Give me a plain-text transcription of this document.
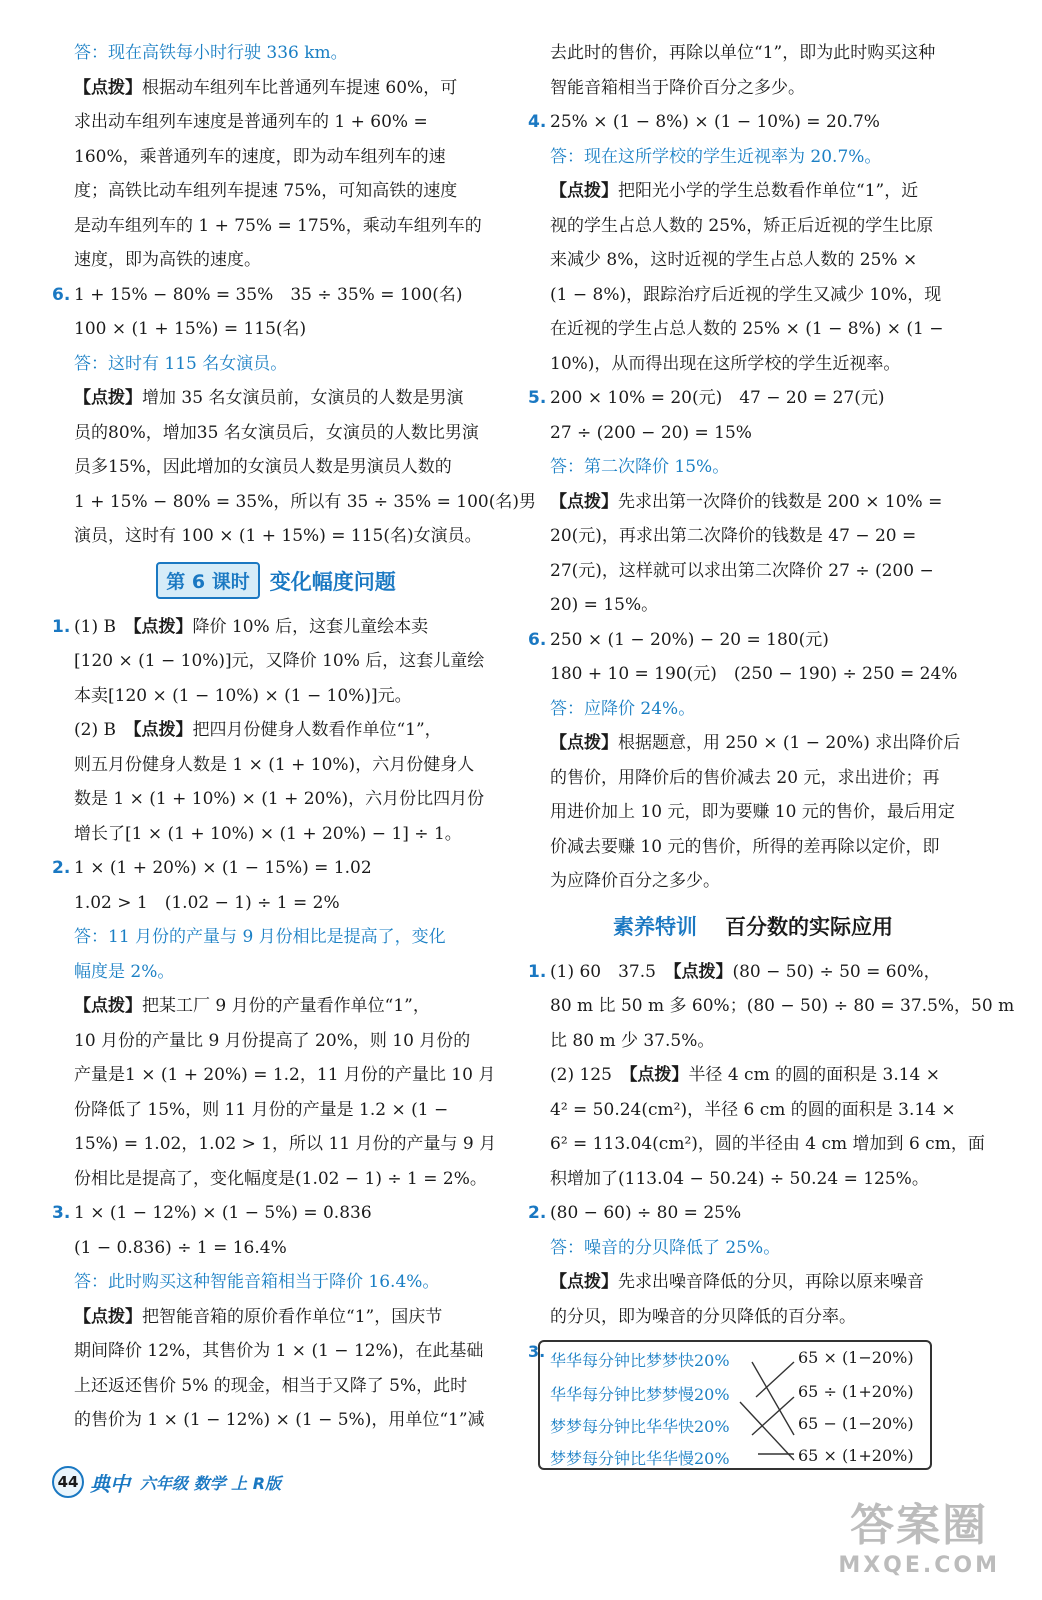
答：现在高铁每小时行驶 336 km。

【点拨】根据动车组列车比普通列车提速 60%，可

求出动车组列车速度是普通列车的 1 + 60% =

160%，乘普通列车的速度，即为动车组列车的速

度；高铁比动车组列车提速 75%，可知高铁的速度

是动车组列车的 1 + 75% = 175%，乘动车组列车的

速度，即为高铁的速度。

6. 1 + 15% − 80% = 35%　35 ÷ 35% = 100(名)

100 × (1 + 15%) = 115(名)

答：这时有 115 名女演员。

【点拨】增加 35 名女演员前，女演员的人数是男演

员的80%，增加35 名女演员后，女演员的人数比男演

员多15%，因此增加的女演员人数是男演员人数的

1 + 15% − 80% = 35%，所以有 35 ÷ 35% = 100(名)男

演员，这时有 100 × (1 + 15%) = 115(名)女演员。

第 6 课时 变化幅度问题

1. (1) B　【点拨】降价 10% 后，这套儿童绘本卖

[120 × (1 − 10%)]元，又降价 10% 后，这套儿童绘

本卖[120 × (1 − 10%) × (1 − 10%)]元。

(2) B　【点拨】把四月份健身人数看作单位“1”，

则五月份健身人数是 1 × (1 + 10%)，六月份健身人

数是 1 × (1 + 10%) × (1 + 20%)，六月份比四月份

增长了[1 × (1 + 10%) × (1 + 20%) − 1] ÷ 1。

2. 1 × (1 + 20%) × (1 − 15%) = 1.02

1.02 > 1　(1.02 − 1) ÷ 1 = 2%

答：11 月份的产量与 9 月份相比是提高了，变化

幅度是 2%。

【点拨】把某工厂 9 月份的产量看作单位“1”，

10 月份的产量比 9 月份提高了 20%，则 10 月份的

产量是1 × (1 + 20%) = 1.2，11 月份的产量比 10 月

份降低了 15%，则 11 月份的产量是 1.2 × (1 −

15%) = 1.02，1.02 > 1，所以 11 月份的产量与 9 月

份相比是提高了，变化幅度是(1.02 − 1) ÷ 1 = 2%。

3. 1 × (1 − 12%) × (1 − 5%) = 0.836

(1 − 0.836) ÷ 1 = 16.4%

答：此时购买这种智能音箱相当于降价 16.4%。

【点拨】把智能音箱的原价看作单位“1”，国庆节

期间降价 12%，其售价为 1 × (1 − 12%)，在此基础

上还返还售价 5% 的现金，相当于又降了 5%，此时

的售价为 1 × (1 − 12%) × (1 − 5%)，用单位“1”减

去此时的售价，再除以单位“1”，即为此时购买这种

智能音箱相当于降价百分之多少。

4. 25% × (1 − 8%) × (1 − 10%) = 20.7%

答：现在这所学校的学生近视率为 20.7%。

【点拨】把阳光小学的学生总数看作单位“1”，近

视的学生占总人数的 25%，矫正后近视的学生比原

来减少 8%，这时近视的学生占总人数的 25% ×

(1 − 8%)，跟踪治疗后近视的学生又减少 10%，现

在近视的学生占总人数的 25% × (1 − 8%) × (1 −

10%)，从而得出现在这所学校的学生近视率。

5. 200 × 10% = 20(元)　47 − 20 = 27(元)

27 ÷ (200 − 20) = 15%

答：第二次降价 15%。

【点拨】先求出第一次降价的钱数是 200 × 10% =

20(元)，再求出第二次降价的钱数是 47 − 20 =

27(元)，这样就可以求出第二次降价 27 ÷ (200 −

20) = 15%。

6. 250 × (1 − 20%) − 20 = 180(元)

180 + 10 = 190(元)　(250 − 190) ÷ 250 = 24%

答：应降价 24%。

【点拨】根据题意，用 250 × (1 − 20%) 求出降价后

的售价，用降价后的售价减去 20 元，求出进价；再

用进价加上 10 元，即为要赚 10 元的售价，最后用定

价减去要赚 10 元的售价，所得的差再除以定价，即

为应降价百分之多少。

素养特训 百分数的实际应用

1. (1) 60　37.5　【点拨】(80 − 50) ÷ 50 = 60%，

80 m 比 50 m 多 60%；(80 − 50) ÷ 80 = 37.5%，50 m

比 80 m 少 37.5%。

(2) 125　【点拨】半径 4 cm 的圆的面积是 3.14 ×

4² = 50.24(cm²)，半径 6 cm 的圆的面积是 3.14 ×

6² = 113.04(cm²)，圆的半径由 4 cm 增加到 6 cm，面

积增加了(113.04 − 50.24) ÷ 50.24 = 125%。

2. (80 − 60) ÷ 80 = 25%

答：噪音的分贝降低了 25%。

【点拨】先求出噪音降低的分贝，再除以原来噪音

的分贝，即为噪音的分贝降低的百分率。

3. 华华每分钟比梦梦快20%
华华每分钟比梦梦慢20%
梦梦每分钟比华华快20%
梦梦每分钟比华华慢20%
65 × (1−20%)
65 ÷ (1+20%)
65 − (1−20%)
65 × (1+20%)
44 典中 六年级 数学 上 R版
答案圈
MXQE.COM
